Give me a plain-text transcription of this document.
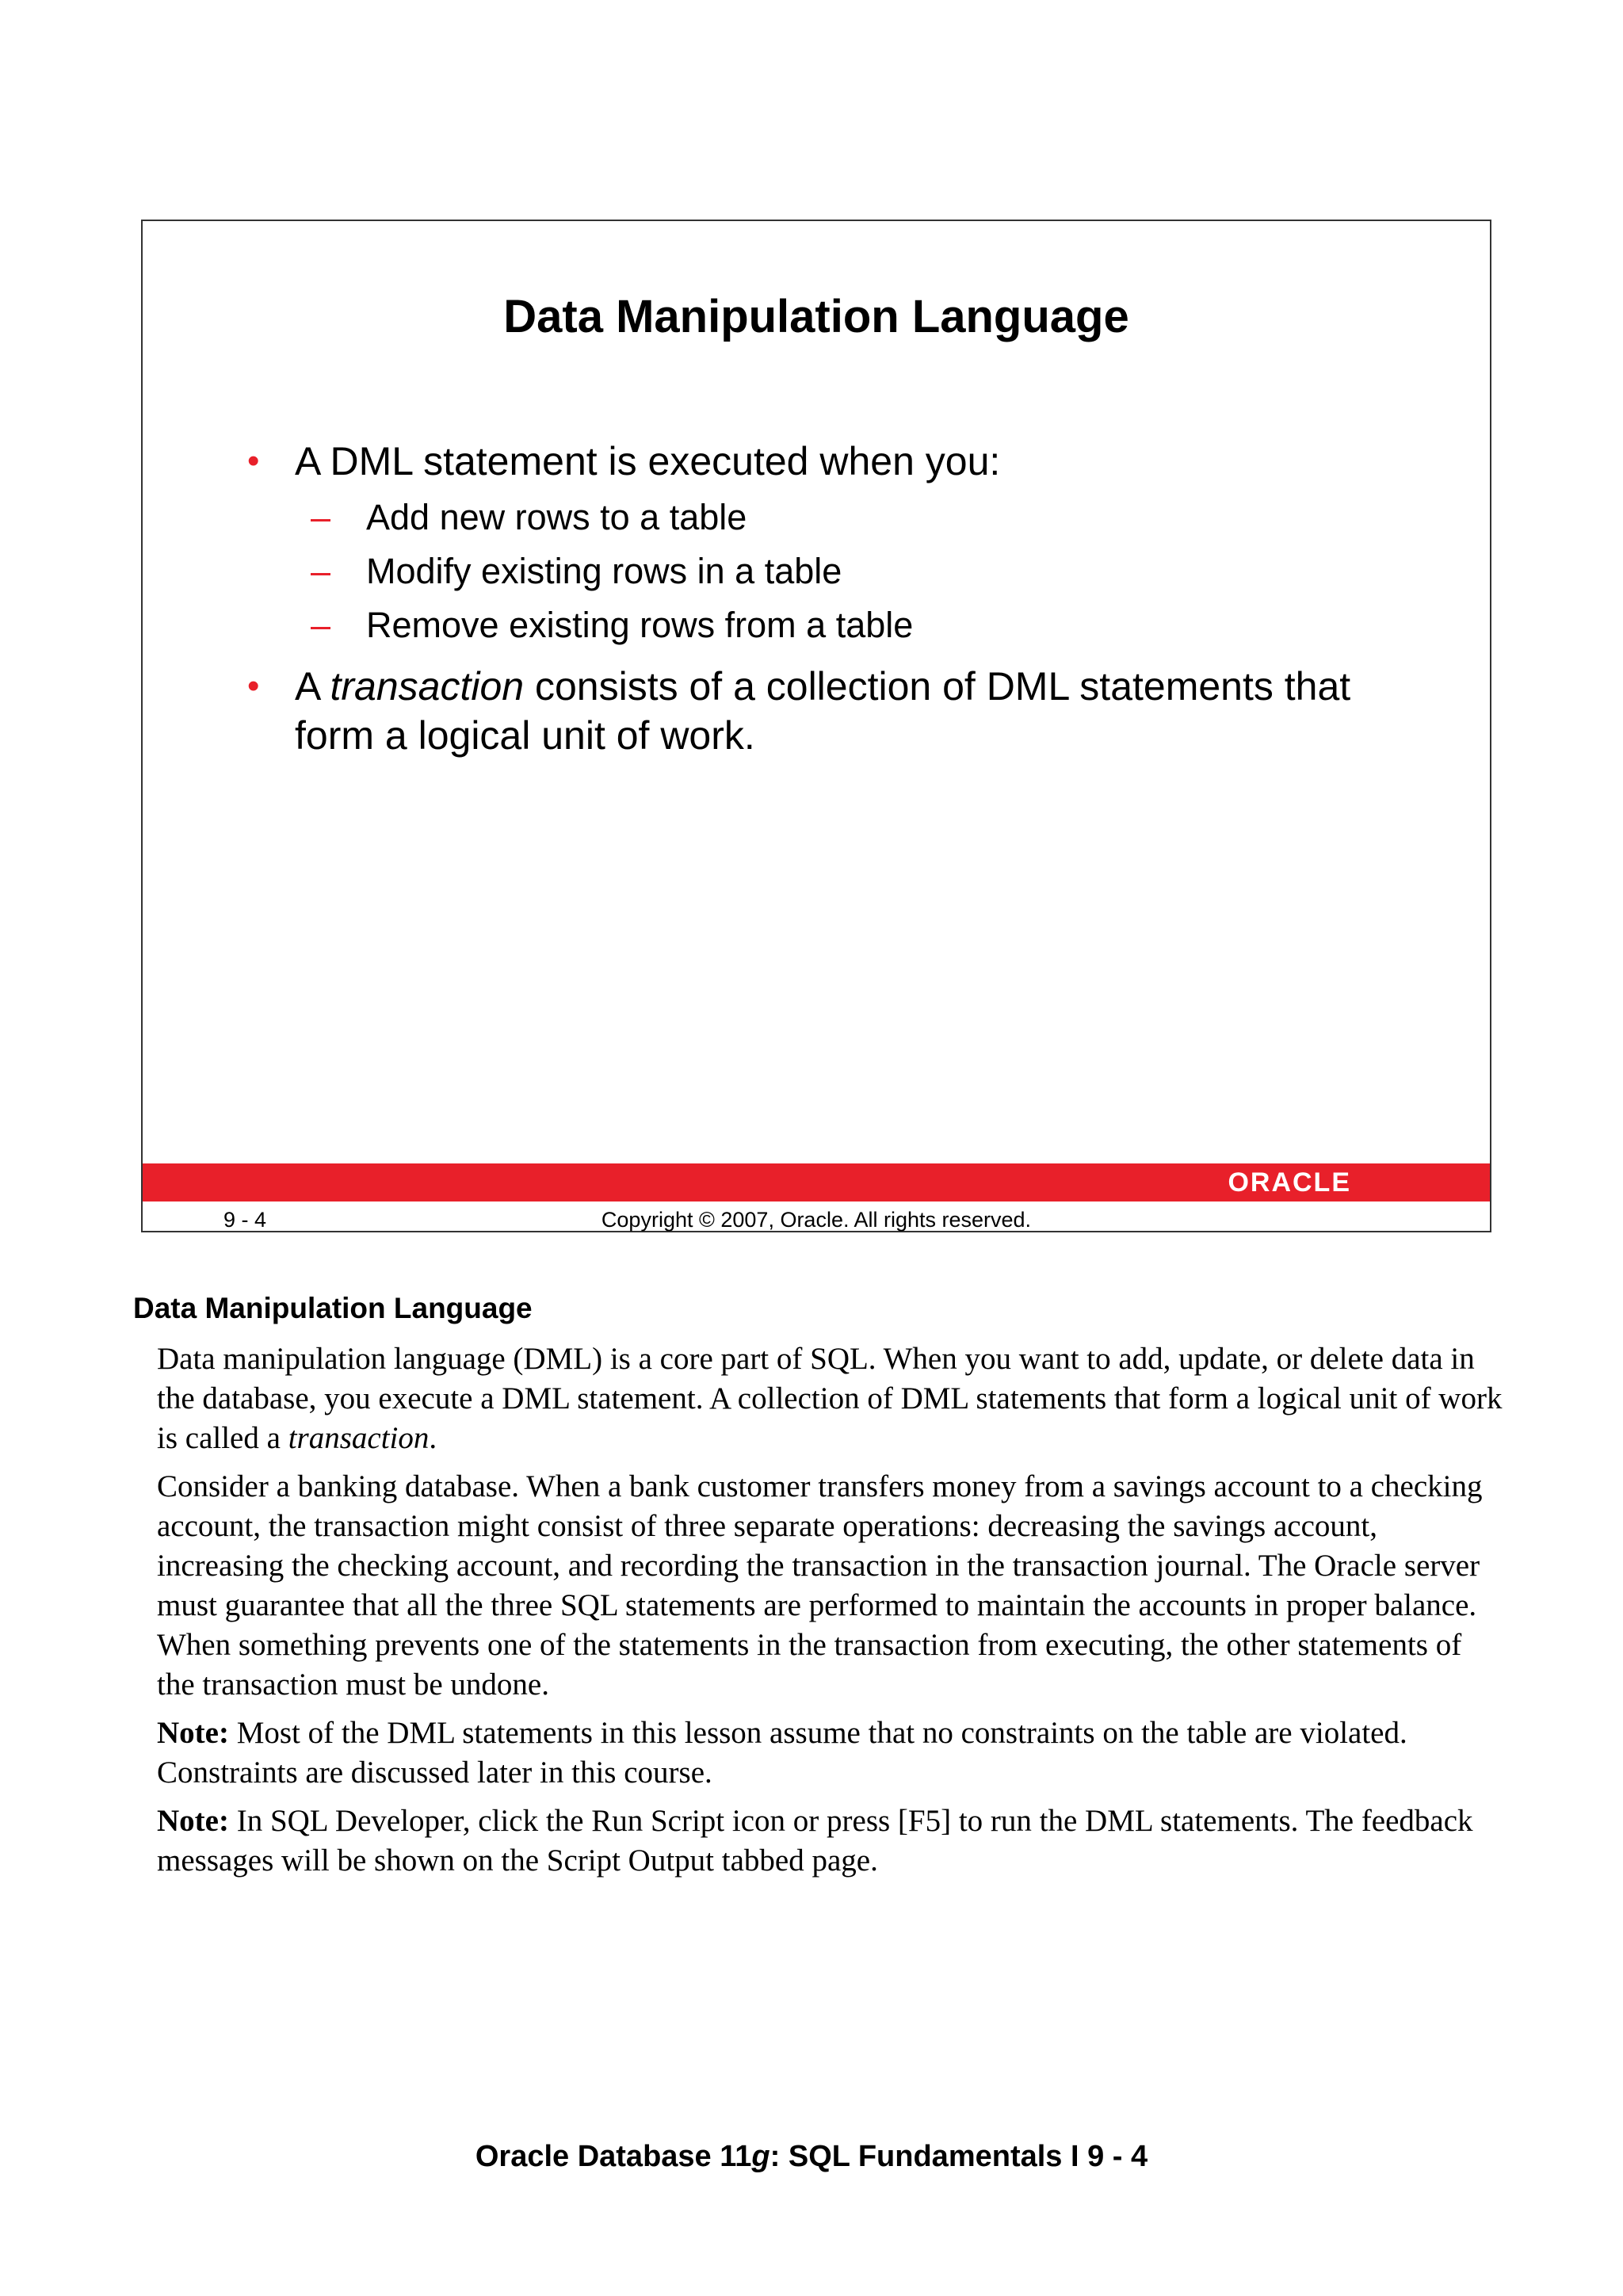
Data Manipulation Language
• A DML statement is executed when you:
– Add new rows to a table
– Modify existing rows in a table
– Remove existing rows from a table
• A transaction consists of a collection of DML statements that form a logical unit of work.
ORACLE
9 - 4	Copyright © 2007, Oracle. All rights reserved.
Data Manipulation Language

Data manipulation language (DML) is a core part of SQL. When you want to add, update, or delete data in the database, you execute a DML statement. A collection of DML statements that form a logical unit of work is called a transaction.

Consider a banking database. When a bank customer transfers money from a savings account to a checking account, the transaction might consist of three separate operations: decreasing the savings account, increasing the checking account, and recording the transaction in the transaction journal. The Oracle server must guarantee that all the three SQL statements are performed to maintain the accounts in proper balance. When something prevents one of the statements in the transaction from executing, the other statements of the transaction must be undone.

Note: Most of the DML statements in this lesson assume that no constraints on the table are violated. Constraints are discussed later in this course.

Note: In SQL Developer, click the Run Script icon or press [F5] to run the DML statements. The feedback messages will be shown on the Script Output tabbed page.

Oracle Database 11g: SQL Fundamentals I 9 - 4
